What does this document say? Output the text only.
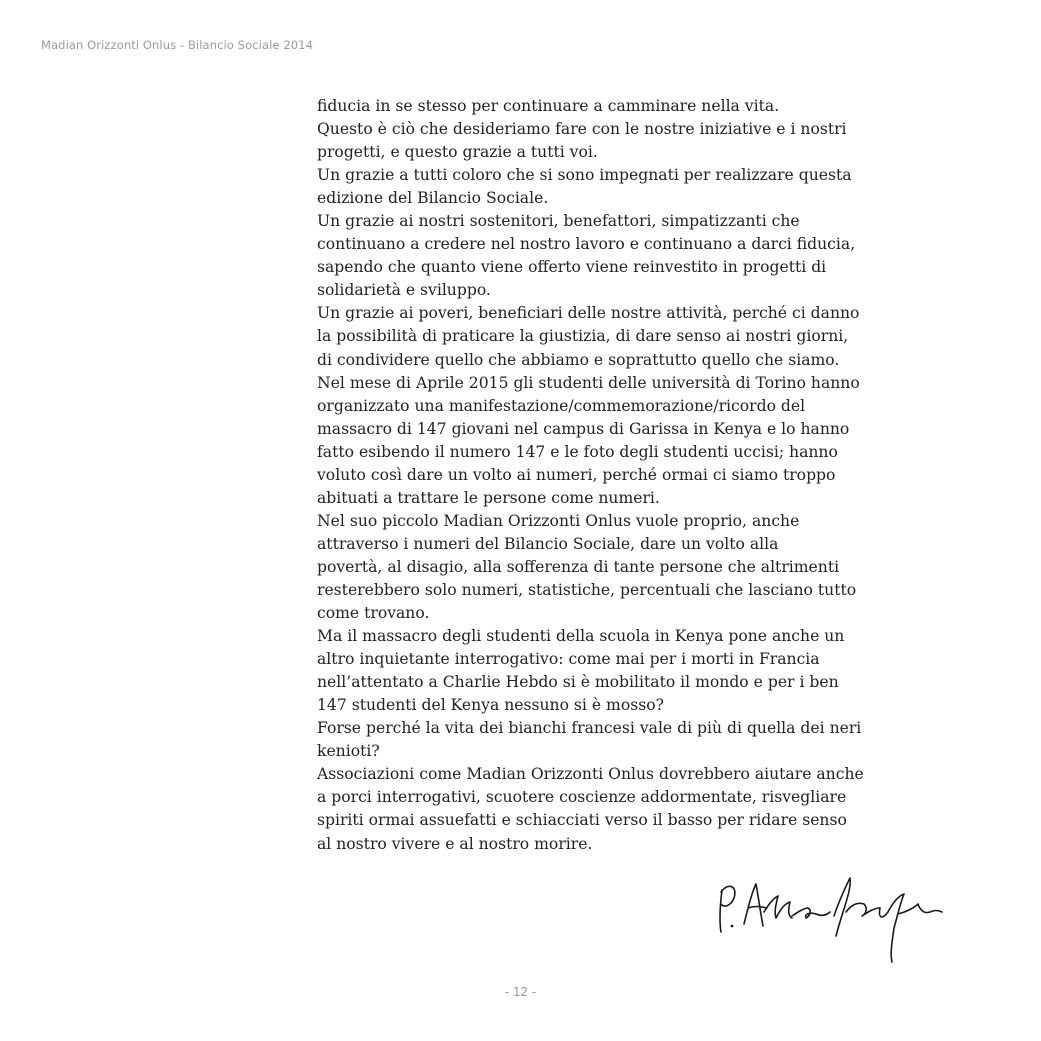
Madian Orizzonti Onlus - Bilancio Sociale 2014
fiducia in se stesso per continuare a camminare nella vita.
Questo è ciò che desideriamo fare con le nostre iniziative e i nostri
progetti, e questo grazie a tutti voi.
Un grazie a tutti coloro che si sono impegnati per realizzare questa
edizione del Bilancio Sociale.
Un grazie ai nostri sostenitori, benefattori, simpatizzanti che
continuano a credere nel nostro lavoro e continuano a darci fiducia,
sapendo che quanto viene offerto viene reinvestito in progetti di
solidarietà e sviluppo.
Un grazie ai poveri, beneficiari delle nostre attività, perché ci danno
la possibilità di praticare la giustizia, di dare senso ai nostri giorni,
di condividere quello che abbiamo e soprattutto quello che siamo.
Nel mese di Aprile 2015 gli studenti delle università di Torino hanno
organizzato una manifestazione/commemorazione/ricordo del
massacro di 147 giovani nel campus di Garissa in Kenya e lo hanno
fatto esibendo il numero 147 e le foto degli studenti uccisi; hanno
voluto così dare un volto ai numeri, perché ormai ci siamo troppo
abituati a trattare le persone come numeri.
Nel suo piccolo Madian Orizzonti Onlus vuole proprio, anche
attraverso i numeri del Bilancio Sociale, dare un volto alla
povertà, al disagio, alla sofferenza di tante persone che altrimenti
resterebbero solo numeri, statistiche, percentuali che lasciano tutto
come trovano.
Ma il massacro degli studenti della scuola in Kenya pone anche un
altro inquietante interrogativo: come mai per i morti in Francia
nell’attentato a Charlie Hebdo si è mobilitato il mondo e per i ben
147 studenti del Kenya nessuno si è mosso?
Forse perché la vita dei bianchi francesi vale di più di quella dei neri
kenioti?
Associazioni come Madian Orizzonti Onlus dovrebbero aiutare anche
a porci interrogativi, scuotere coscienze addormentate, risvegliare
spiriti ormai assuefatti e schiacciati verso il basso per ridare senso
al nostro vivere e al nostro morire.
- 12 -
